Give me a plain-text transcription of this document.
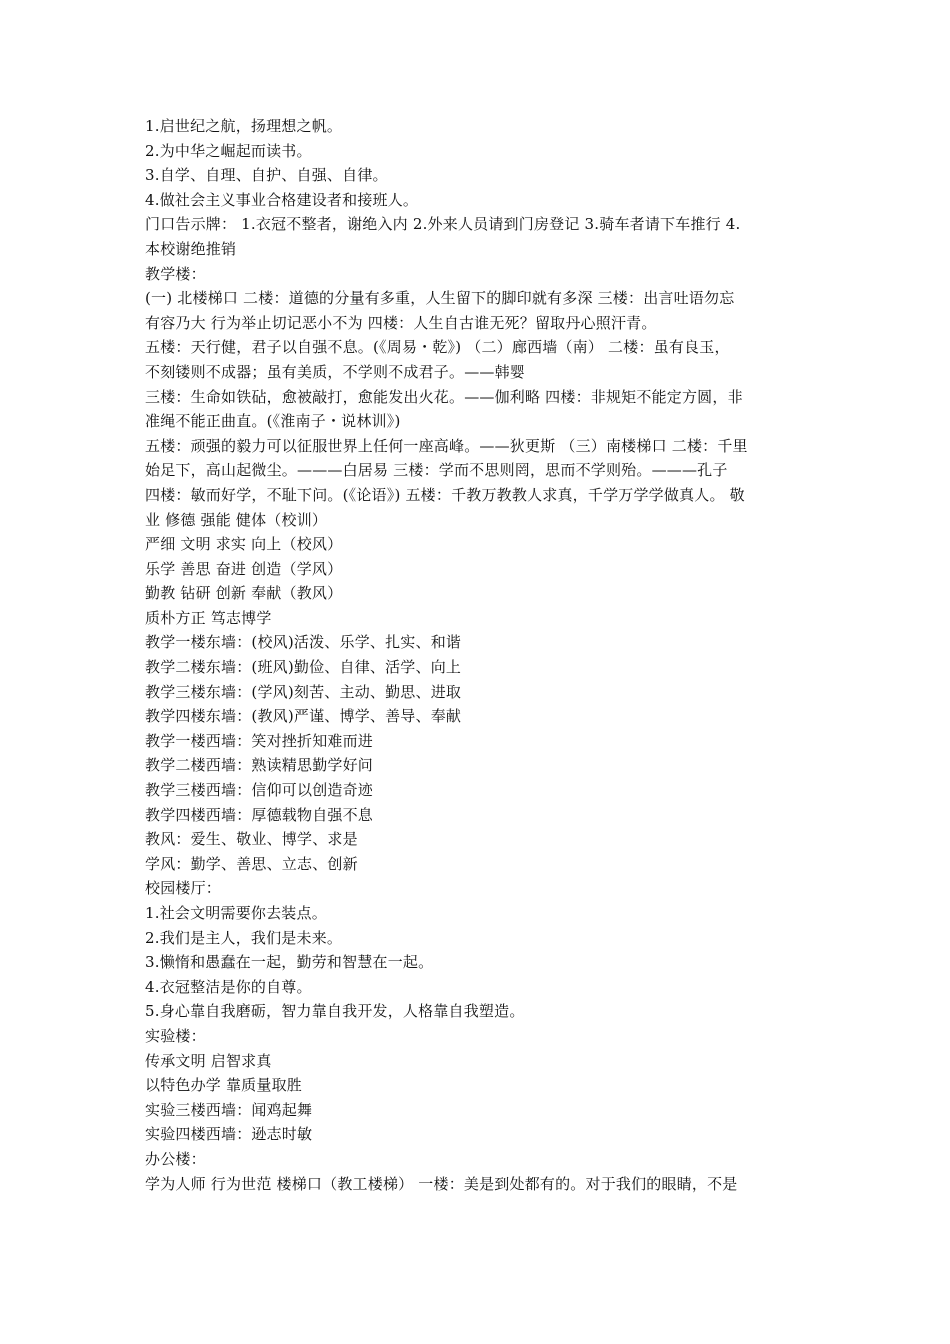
1.启世纪之航，扬理想之帆。
2.为中华之崛起而读书。
3.自学、自理、自护、自强、自律。
4.做社会主义事业合格建设者和接班人。
门口告示牌： 1.衣冠不整者，谢绝入内 2.外来人员请到门房登记 3.骑车者请下车推行 4.
本校谢绝推销
教学楼：
(一) 北楼梯口 二楼：道德的分量有多重，人生留下的脚印就有多深 三楼：出言吐语勿忘
有容乃大 行为举止切记恶小不为 四楼：人生自古谁无死？留取丹心照汗青。
五楼：天行健，君子以自强不息。(《周易・乾》) （二）廊西墙（南） 二楼：虽有良玉，
不刻镂则不成器；虽有美质，不学则不成君子。——韩婴
三楼：生命如铁砧，愈被敲打，愈能发出火花。——伽利略 四楼：非规矩不能定方圆，非
准绳不能正曲直。(《淮南子・说林训》)
五楼：顽强的毅力可以征服世界上任何一座高峰。——狄更斯 （三）南楼梯口 二楼：千里
始足下，高山起微尘。———白居易 三楼：学而不思则罔，思而不学则殆。———孔子
四楼：敏而好学，不耻下问。(《论语》) 五楼：千教万教教人求真，千学万学学做真人。 敬
业 修德 强能 健体（校训）
严细 文明 求实 向上（校风）
乐学 善思 奋进 创造（学风）
勤教 钻研 创新 奉献（教风）
质朴方正 笃志博学
教学一楼东墙：(校风)活泼、乐学、扎实、和谐
教学二楼东墙：(班风)勤俭、自律、活学、向上
教学三楼东墙：(学风)刻苦、主动、勤思、进取
教学四楼东墙：(教风)严谨、博学、善导、奉献
教学一楼西墙：笑对挫折知难而进
教学二楼西墙：熟读精思勤学好问
教学三楼西墙：信仰可以创造奇迹
教学四楼西墙：厚德载物自强不息
教风：爱生、敬业、博学、求是
学风：勤学、善思、立志、创新
校园楼厅：
1.社会文明需要你去装点。
2.我们是主人，我们是未来。
3.懒惰和愚蠢在一起，勤劳和智慧在一起。
4.衣冠整洁是你的自尊。
5.身心靠自我磨砺，智力靠自我开发，人格靠自我塑造。
实验楼：
传承文明 启智求真
以特色办学 靠质量取胜
实验三楼西墙：闻鸡起舞
实验四楼西墙：逊志时敏
办公楼：
学为人师 行为世范 楼梯口（教工楼梯） 一楼：美是到处都有的。对于我们的眼睛，不是
